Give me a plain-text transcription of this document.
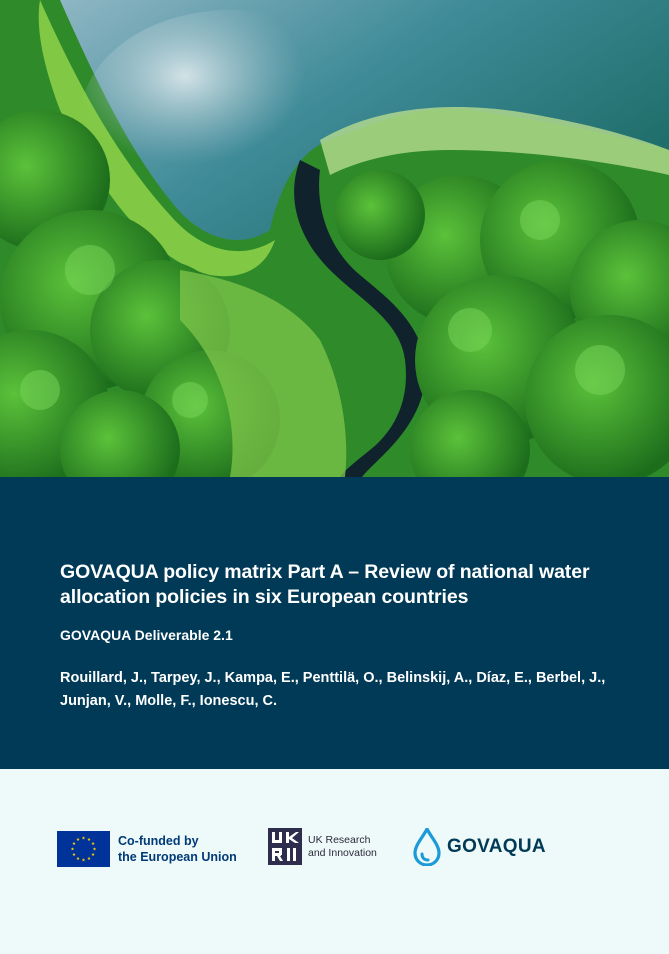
GOVAQUA policy matrix Part A – Review of national water allocation policies in six European countries

GOVAQUA Deliverable 2.1

Rouillard, J., Tarpey, J., Kampa, E., Penttilä, O., Belinskij, A., Díaz, E., Berbel, J., Junjan, V., Molle, F., Ionescu, C.

Co-funded by
the European Union
UK Research
and Innovation	GOVAQUA
